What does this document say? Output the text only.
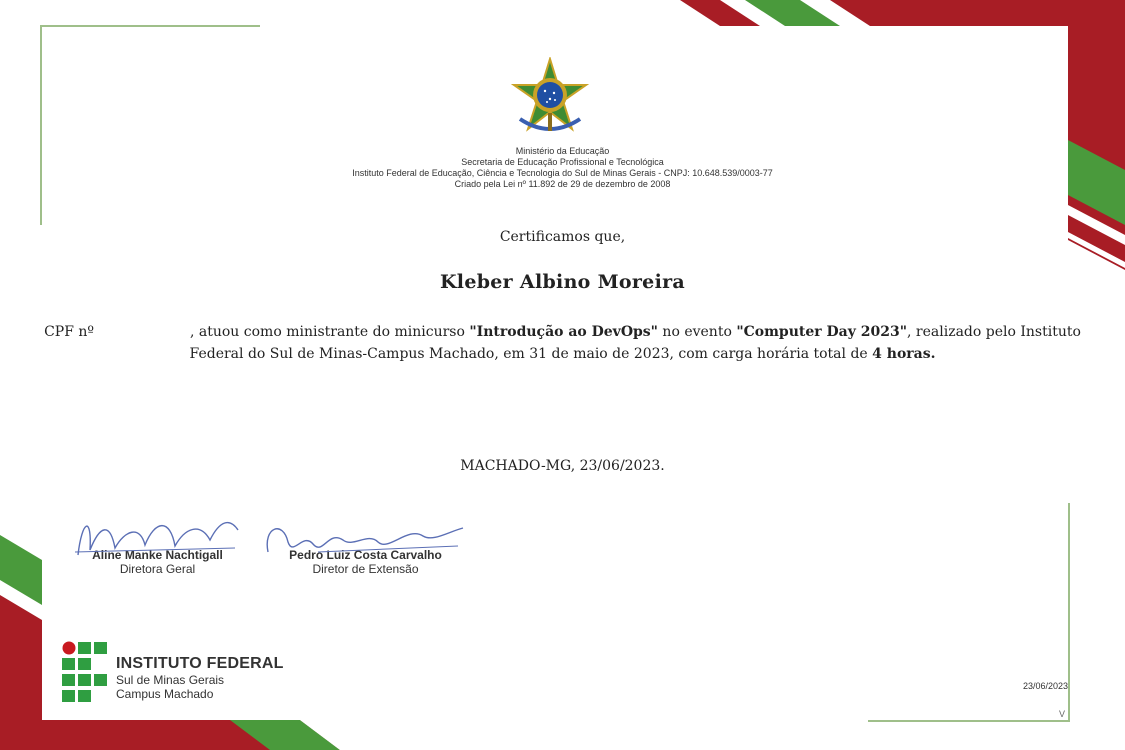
Ministério da Educação
Secretaria de Educação Profissional e Tecnológica
Instituto Federal de Educação, Ciência e Tecnologia do Sul de Minas Gerais - CNPJ: 10.648.539/0003-77
Criado pela Lei nº 11.892 de 29 de dezembro de 2008
Certificamos que,
Kleber Albino Moreira
CPF nº	, atuou como ministrante do minicurso "Introdução ao DevOps" no evento "Computer Day 2023", realizado pelo Instituto Federal do Sul de Minas-Campus Machado, em 31 de maio de 2023, com carga horária total de 4 horas.
MACHADO-MG, 23/06/2023.
Aline Manke Nachtigall
Diretora Geral
Pedro Luiz Costa Carvalho
Diretor de Extensão
INSTITUTO FEDERAL
Sul de Minas Gerais
Campus Machado
23/06/2023
V
